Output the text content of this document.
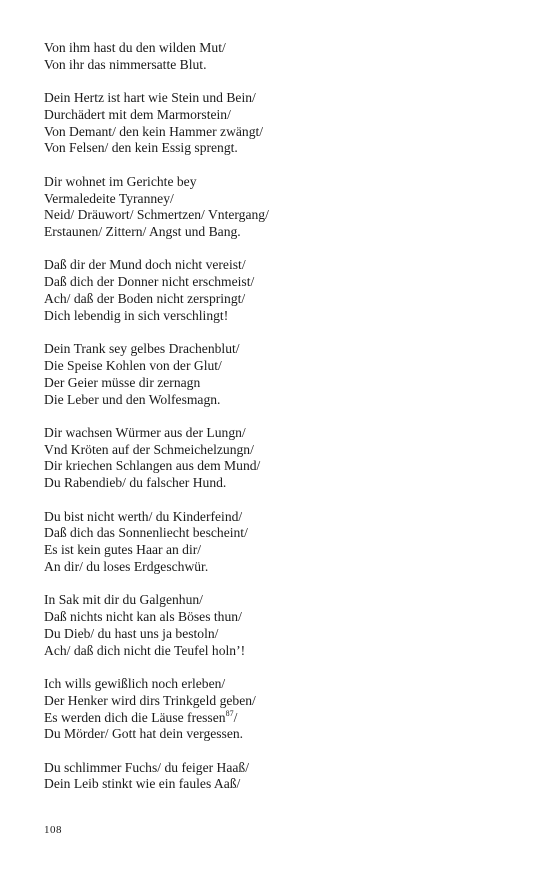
Von ihm hast du den wilden Mut/
Von ihr das nimmersatte Blut.
Dein Hertz ist hart wie Stein und Bein/
Durchädert mit dem Marmorstein/
Von Demant/ den kein Hammer zwängt/
Von Felsen/ den kein Essig sprengt.
Dir wohnet im Gerichte bey
Vermaledeite Tyranney/
Neid/ Dräuwort/ Schmertzen/ Vntergang/
Erstaunen/ Zittern/ Angst und Bang.
Daß dir der Mund doch nicht vereist/
Daß dich der Donner nicht erschmeist/
Ach/ daß der Boden nicht zerspringt/
Dich lebendig in sich verschlingt!
Dein Trank sey gelbes Drachenblut/
Die Speise Kohlen von der Glut/
Der Geier müsse dir zernagn
Die Leber und den Wolfesmagn.
Dir wachsen Würmer aus der Lungn/
Vnd Kröten auf der Schmeichelzungn/
Dir kriechen Schlangen aus dem Mund/
Du Rabendieb/ du falscher Hund.
Du bist nicht werth/ du Kinderfeind/
Daß dich das Sonnenliecht bescheint/
Es ist kein gutes Haar an dir/
An dir/ du loses Erdgeschwür.
In Sak mit dir du Galgenhun/
Daß nichts nicht kan als Böses thun/
Du Dieb/ du hast uns ja bestoln/
Ach/ daß dich nicht die Teufel holn’!
Ich wills gewißlich noch erleben/
Der Henker wird dirs Trinkgeld geben/
Es werden dich die Läuse fressen$^{87}$/
Du Mörder/ Gott hat dein vergessen.
Du schlimmer Fuchs/ du feiger Haaß/
Dein Leib stinkt wie ein faules Aaß/
108
